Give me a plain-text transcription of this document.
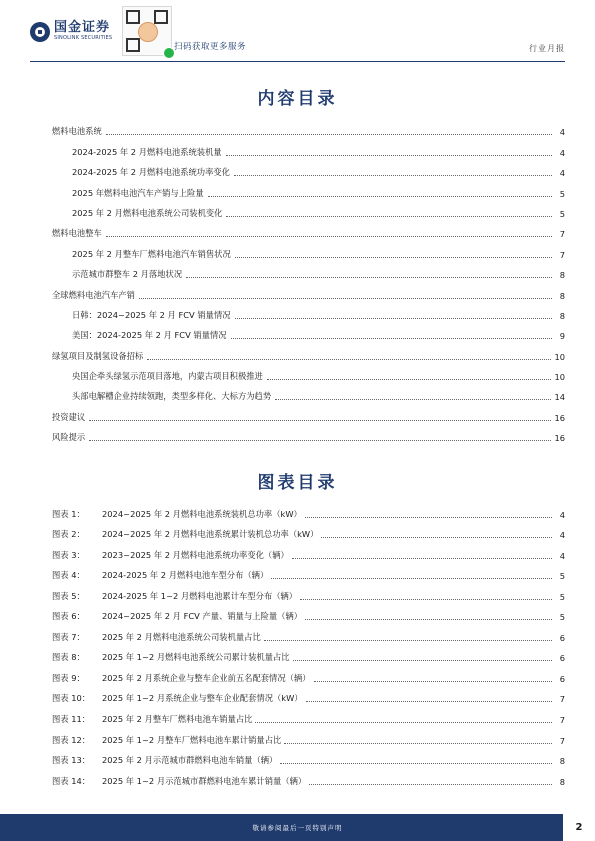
国金证券
SINOLINK SECURITIES
扫码获取更多服务	行业月报
内容目录
燃料电池系统	4
2024-2025 年 2 月燃料电池系统装机量	4
2024-2025 年 2 月燃料电池系统功率变化	4
2025 年燃料电池汽车产销与上险量	5
2025 年 2 月燃料电池系统公司装机变化	5
燃料电池整车	7
2025 年 2 月整车厂燃料电池汽车销售状况	7
示范城市群整车 2 月落地状况	8
全球燃料电池汽车产销	8
日韩：2024~2025 年 2 月 FCV 销量情况	8
美国：2024-2025 年 2 月 FCV 销量情况	9
绿氢项目及制氢设备招标	10
央国企牵头绿氢示范项目落地，内蒙古项目积极推进	10
头部电解槽企业持续领跑，类型多样化、大标方为趋势	14
投资建议	16
风险提示	16
图表目录
图表 1：	2024~2025 年 2 月燃料电池系统装机总功率（kW）	4
图表 2：	2024~2025 年 2 月燃料电池系统累计装机总功率（kW）	4
图表 3：	2023~2025 年 2 月燃料电池系统功率变化（辆）	4
图表 4：	2024-2025 年 2 月燃料电池车型分布（辆）	5
图表 5：	2024-2025 年 1~2 月燃料电池累计车型分布（辆）	5
图表 6：	2024~2025 年 2 月 FCV 产量、销量与上险量（辆）	5
图表 7：	2025 年 2 月燃料电池系统公司装机量占比	6
图表 8：	2025 年 1~2 月燃料电池系统公司累计装机量占比	6
图表 9：	2025 年 2 月系统企业与整车企业前五名配套情况（辆）	6
图表 10：	2025 年 1~2 月系统企业与整车企业配套情况（kW）	7
图表 11：	2025 年 2 月整车厂燃料电池车销量占比	7
图表 12：	2025 年 1~2 月整车厂燃料电池车累计销量占比	7
图表 13：	2025 年 2 月示范城市群燃料电池车销量（辆）	8
图表 14：	2025 年 1~2 月示范城市群燃料电池车累计销量（辆）	8
敬请参阅最后一页特别声明	2
